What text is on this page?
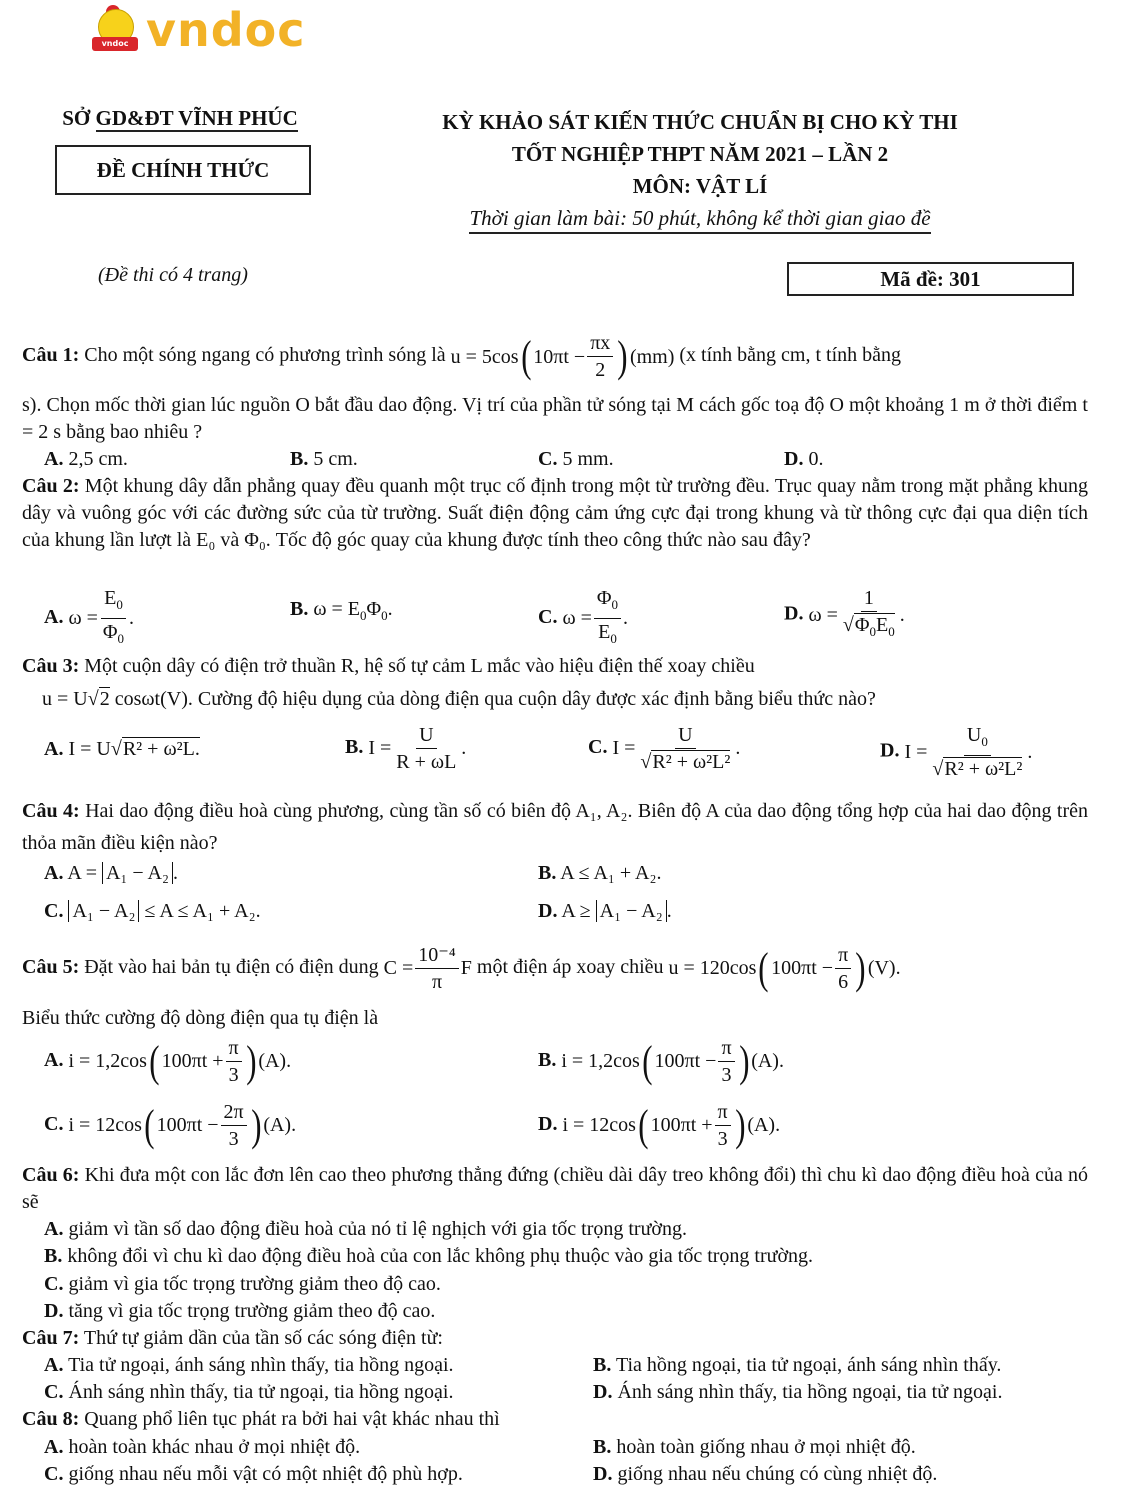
vndoc vndoc
SỞ GD&ĐT VĨNH PHÚC
ĐỀ CHÍNH THỨC
KỲ KHẢO SÁT KIẾN THỨC CHUẨN BỊ CHO KỲ THI
TỐT NGHIỆP THPT NĂM 2021 – LẦN 2
MÔN: VẬT LÍ
Thời gian làm bài: 50 phút, không kể thời gian giao đề
(Đề thi có 4 trang)	Mã đề: 301
Câu 1: Cho một sóng ngang có phương trình sóng là u = 5cos ( $10\pi t - \frac{\pi x}{2}$ ) (mm) (x tính bằng cm, t tính bằng
s). Chọn mốc thời gian lúc nguồn O bắt đầu dao động. Vị trí của phần tử sóng tại M cách gốc toạ độ O một khoảng 1 m ở thời điểm t = 2 s bằng bao nhiêu ?
A. 2,5 cm.	B. 5 cm.	C. 5 mm.	D. 0.
Câu 2: Một khung dây dẫn phẳng quay đều quanh một trục cố định trong một từ trường đều. Trục quay nằm trong mặt phẳng khung dây và vuông góc với các đường sức của từ trường. Suất điện động cảm ứng cực đại trong khung và từ thông cực đại qua diện tích của khung lần lượt là E₀ và Φ₀. Tốc độ góc quay của khung được tính theo công thức nào sau đây?
A. $\omega = \frac{E_0}{\Phi_0}$ .	B. $\omega = E_0\Phi_0$.	C. $\omega = \frac{\Phi_0}{E_0}$ .	D. $\omega = \frac{1}{√\Phi_0E_0}$ .
Câu 3: Một cuộn dây có điện trở thuần R, hệ số tự cảm L mắc vào hiệu điện thế xoay chiều
u = U√2 cosωt(V). Cường độ hiệu dụng của dòng điện qua cuộn dây được xác định bằng biểu thức nào?
A. I = U√R² + ω²L.	B. $I = \frac{U}{R + \omega L}$ .	C. $I = \frac{U}{\text{√R² + ω²L²}}$ .	D. $I = \frac{U_0}{\text{√R² + ω²L²}}$ .
Câu 4: Hai dao động điều hoà cùng phương, cùng tần số có biên độ A₁, A₂. Biên độ A của dao động tổng hợp của hai dao động trên thỏa mãn điều kiện nào?
A. A = A₁ − A₂ .	B. A ≤ A₁ + A₂.
C. A₁ − A₂ ≤ A ≤ A₁ + A₂.	D. A ≥ A₁ − A₂ .
Câu 5: Đặt vào hai bản tụ điện có điện dung $C = \frac{\text{10⁻⁴}}{\pi}$ F một điện áp xoay chiều u = 120cos ( $100\pi t - \frac{\pi}{6}$ ) (V).
Biểu thức cường độ dòng điện qua tụ điện là
A. i = 1,2cos ( $100\pi t + \frac{\pi}{3}$ ) (A).	B. i = 1,2cos ( $100\pi t - \frac{\pi}{3}$ ) (A).
C. i = 12cos ( $100\pi t - \frac{2\pi}{3}$ ) (A).	D. i = 12cos ( $100\pi t + \frac{\pi}{3}$ ) (A).
Câu 6: Khi đưa một con lắc đơn lên cao theo phương thẳng đứng (chiều dài dây treo không đổi) thì chu kì dao động điều hoà của nó sẽ
A. giảm vì tần số dao động điều hoà của nó tỉ lệ nghịch với gia tốc trọng trường.
B. không đổi vì chu kì dao động điều hoà của con lắc không phụ thuộc vào gia tốc trọng trường.
C. giảm vì gia tốc trọng trường giảm theo độ cao.
D. tăng vì gia tốc trọng trường giảm theo độ cao.
Câu 7: Thứ tự giảm dần của tần số các sóng điện từ:
A. Tia tử ngoại, ánh sáng nhìn thấy, tia hồng ngoại.	B. Tia hồng ngoại, tia tử ngoại, ánh sáng nhìn thấy.
C. Ánh sáng nhìn thấy, tia tử ngoại, tia hồng ngoại.	D. Ánh sáng nhìn thấy, tia hồng ngoại, tia tử ngoại.
Câu 8: Quang phổ liên tục phát ra bởi hai vật khác nhau thì
A. hoàn toàn khác nhau ở mọi nhiệt độ.	B. hoàn toàn giống nhau ở mọi nhiệt độ.
C. giống nhau nếu mỗi vật có một nhiệt độ phù hợp.	D. giống nhau nếu chúng có cùng nhiệt độ.
